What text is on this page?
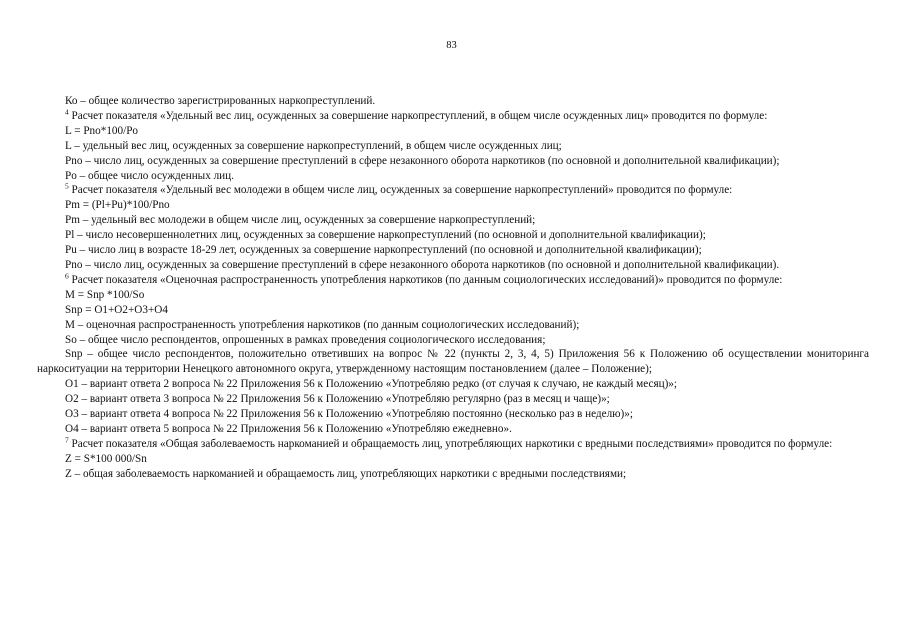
83

Ко – общее количество зарегистрированных наркопреступлений.

$^4$ Расчет показателя «Удельный вес лиц, осужденных за совершение наркопреступлений, в общем числе осужденных лиц» проводится по формуле:

L = Pno*100/Po

L – удельный вес лиц, осужденных за совершение наркопреступлений, в общем числе осужденных лиц;

Pno – число лиц, осужденных за совершение преступлений в сфере незаконного оборота наркотиков (по основной и дополнительной квалификации);

Po – общее число осужденных лиц.

$^5$ Расчет показателя «Удельный вес молодежи в общем числе лиц, осужденных за совершение наркопреступлений» проводится по формуле:

Pm = (Pl+Pu)*100/Pno

Pm – удельный вес молодежи в общем числе лиц, осужденных за совершение наркопреступлений;

Pl – число несовершеннолетних лиц, осужденных за совершение наркопреступлений (по основной и дополнительной квалификации);

Pu – число лиц в возрасте 18-29 лет, осужденных за совершение наркопреступлений (по основной и дополнительной квалификации);

Pno – число лиц, осужденных за совершение преступлений в сфере незаконного оборота наркотиков (по основной и дополнительной квалификации).

$^6$ Расчет показателя «Оценочная распространенность употребления наркотиков (по данным социологических исследований)» проводится по формуле:

M = Snp *100/So

Snp = O1+O2+O3+O4

M – оценочная распространенность употребления наркотиков (по данным социологических исследований);

So – общее число респондентов, опрошенных в рамках проведения социологического исследования;

Snp – общее число респондентов, положительно ответивших на вопрос № 22 (пункты 2, 3, 4, 5) Приложения 56 к Положению об осуществлении мониторинга наркоситуации на территории Ненецкого автономного округа, утвержденному настоящим постановлением (далее – Положение);

O1 – вариант ответа 2 вопроса № 22 Приложения 56 к Положению «Употребляю редко (от случая к случаю, не каждый месяц)»;

O2 – вариант ответа 3 вопроса № 22 Приложения 56 к Положению «Употребляю регулярно (раз в месяц и чаще)»;

O3 – вариант ответа 4 вопроса № 22 Приложения 56 к Положению «Употребляю постоянно (несколько раз в неделю)»;

O4 – вариант ответа 5 вопроса № 22 Приложения 56 к Положению «Употребляю ежедневно».

$^7$ Расчет показателя «Общая заболеваемость наркоманией и обращаемость лиц, употребляющих наркотики с вредными последствиями» проводится по формуле:

Z = S*100 000/Sn

Z – общая заболеваемость наркоманией и обращаемость лиц, употребляющих наркотики с вредными последствиями;
